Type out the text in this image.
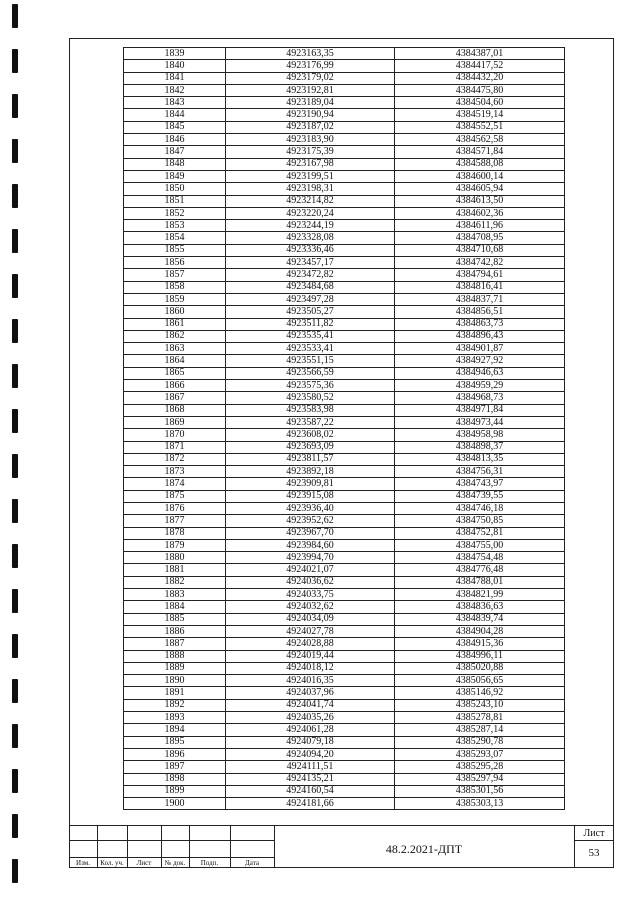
1839	4923163,35	4384387,01
1840	4923176,99	4384417,52
1841	4923179,02	4384432,20
1842	4923192,81	4384475,80
1843	4923189,04	4384504,60
1844	4923190,94	4384519,14
1845	4923187,02	4384552,51
1846	4923183,90	4384562,58
1847	4923175,39	4384571,84
1848	4923167,98	4384588,08
1849	4923199,51	4384600,14
1850	4923198,31	4384605,94
1851	4923214,82	4384613,50
1852	4923220,24	4384602,36
1853	4923244,19	4384611,96
1854	4923328,08	4384708,95
1855	4923336,46	4384710,68
1856	4923457,17	4384742,82
1857	4923472,82	4384794,61
1858	4923484,68	4384816,41
1859	4923497,28	4384837,71
1860	4923505,27	4384856,51
1861	4923511,82	4384863,73
1862	4923535,41	4384896,43
1863	4923533,41	4384901,87
1864	4923551,15	4384927,92
1865	4923566,59	4384946,63
1866	4923575,36	4384959,29
1867	4923580,52	4384968,73
1868	4923583,98	4384971,84
1869	4923587,22	4384973,44
1870	4923608,02	4384958,98
1871	4923693,09	4384898,37
1872	4923811,57	4384813,35
1873	4923892,18	4384756,31
1874	4923909,81	4384743,97
1875	4923915,08	4384739,55
1876	4923936,40	4384746,18
1877	4923952,62	4384750,85
1878	4923967,70	4384752,81
1879	4923984,60	4384755,00
1880	4923994,70	4384754,48
1881	4924021,07	4384776,48
1882	4924036,62	4384788,01
1883	4924033,75	4384821,99
1884	4924032,62	4384836,63
1885	4924034,09	4384839,74
1886	4924027,78	4384904,28
1887	4924028,88	4384915,36
1888	4924019,44	4384996,11
1889	4924018,12	4385020,88
1890	4924016,35	4385056,65
1891	4924037,96	4385146,92
1892	4924041,74	4385243,10
1893	4924035,26	4385278,81
1894	4924061,28	4385287,14
1895	4924079,18	4385290,78
1896	4924094,20	4385293,07
1897	4924111,51	4385295,28
1898	4924135,21	4385297,94
1899	4924160,54	4385301,56
1900	4924181,66	4385303,13
Изм.	Кол. уч.	Лист	№ док.	Подп.	Дата
48.2.2021-ДПТ
Лист
53
